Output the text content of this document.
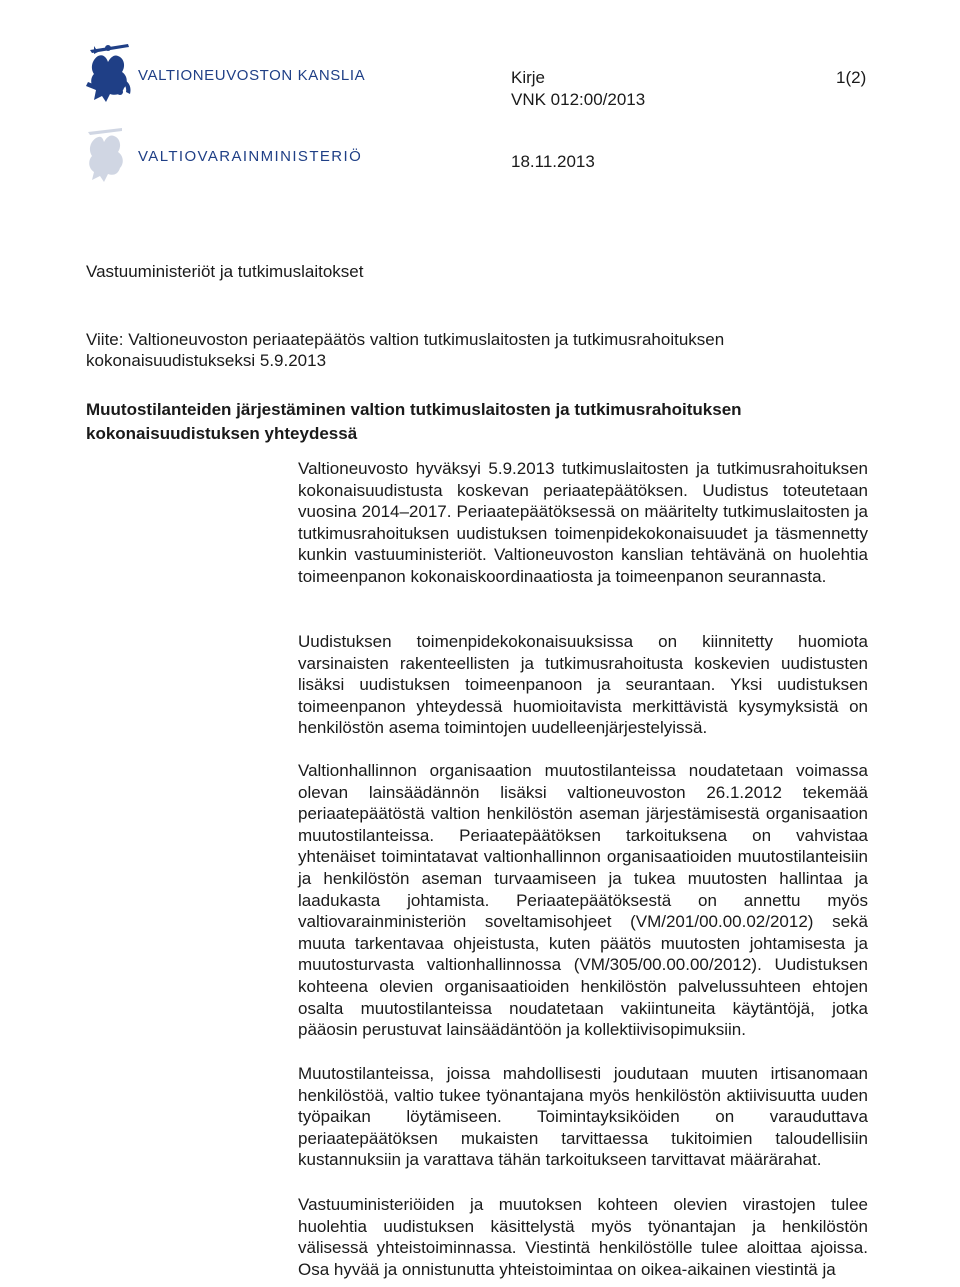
VALTIONEUVOSTON KANSLIA
VALTIOVARAINMINISTERIÖ
Kirje
VNK 012:00/2013
1(2)
18.11.2013
Vastuuministeriöt ja tutkimuslaitokset
Viite: Valtioneuvoston periaatepäätös valtion tutkimuslaitosten ja tutkimusrahoituksen kokonaisuudistukseksi 5.9.2013
Muutostilanteiden järjestäminen valtion tutkimuslaitosten ja tutkimusrahoituksen kokonaisuudistuksen yhteydessä

Valtioneuvosto hyväksyi 5.9.2013 tutkimuslaitosten ja tutkimusrahoituksen kokonaisuudistusta koskevan periaatepäätöksen. Uudistus toteutetaan vuosina 2014–2017. Periaatepäätöksessä on määritelty tutkimuslaitosten ja tutkimusrahoituksen uudistuksen toimenpidekokonaisuudet ja täsmennetty kunkin vastuuministeriöt. Valtioneuvoston kanslian tehtävänä on huolehtia toimeenpanon kokonaiskoordinaatiosta ja toimeenpanon seurannasta.

Uudistuksen toimenpidekokonaisuuksissa on kiinnitetty huomiota varsinaisten rakenteellisten ja tutkimusrahoitusta koskevien uudistusten lisäksi uudistuksen toimeenpanoon ja seurantaan. Yksi uudistuksen toimeenpanon yhteydessä huomioitavista merkittävistä kysymyksistä on henkilöstön asema toimintojen uudelleenjärjestelyissä.

Valtionhallinnon organisaation muutostilanteissa noudatetaan voimassa olevan lainsäädännön lisäksi valtioneuvoston 26.1.2012 tekemää periaatepäätöstä valtion henkilöstön aseman järjestämisestä organisaation muutostilanteissa. Periaatepäätöksen tarkoituksena on vahvistaa yhtenäiset toimintatavat valtionhallinnon organisaatioiden muutostilanteisiin ja henkilöstön aseman turvaamiseen ja tukea muutosten hallintaa ja laadukasta johtamista. Periaatepäätöksestä on annettu myös valtiovarainministeriön soveltamisohjeet (VM/201/00.00.02/2012) sekä muuta tarkentavaa ohjeistusta, kuten päätös muutosten johtamisesta ja muutosturvasta valtionhallinnossa (VM/305/00.00.00/2012). Uudistuksen kohteena olevien organisaatioiden henkilöstön palvelussuhteen ehtojen osalta muutostilanteissa noudatetaan vakiintuneita käytäntöjä, jotka pääosin perustuvat lainsäädäntöön ja kollektiivisopimuksiin.

Muutostilanteissa, joissa mahdollisesti joudutaan muuten irtisanomaan henkilöstöä, valtio tukee työnantajana myös henkilöstön aktiivisuutta uuden työpaikan löytämiseen. Toimintayksiköiden on varauduttava periaatepäätöksen mukaisten tarvittaessa tukitoimien taloudellisiin kustannuksiin ja varattava tähän tarkoitukseen tarvittavat määrärahat.

Vastuuministeriöiden ja muutoksen kohteen olevien virastojen tulee huolehtia uudistuksen käsittelystä myös työnantajan ja henkilöstön välisessä yhteistoiminnassa. Viestintä henkilöstölle tulee aloittaa ajoissa. Osa hyvää ja onnistunutta yhteistoimintaa on oikea-aikainen viestintä ja
